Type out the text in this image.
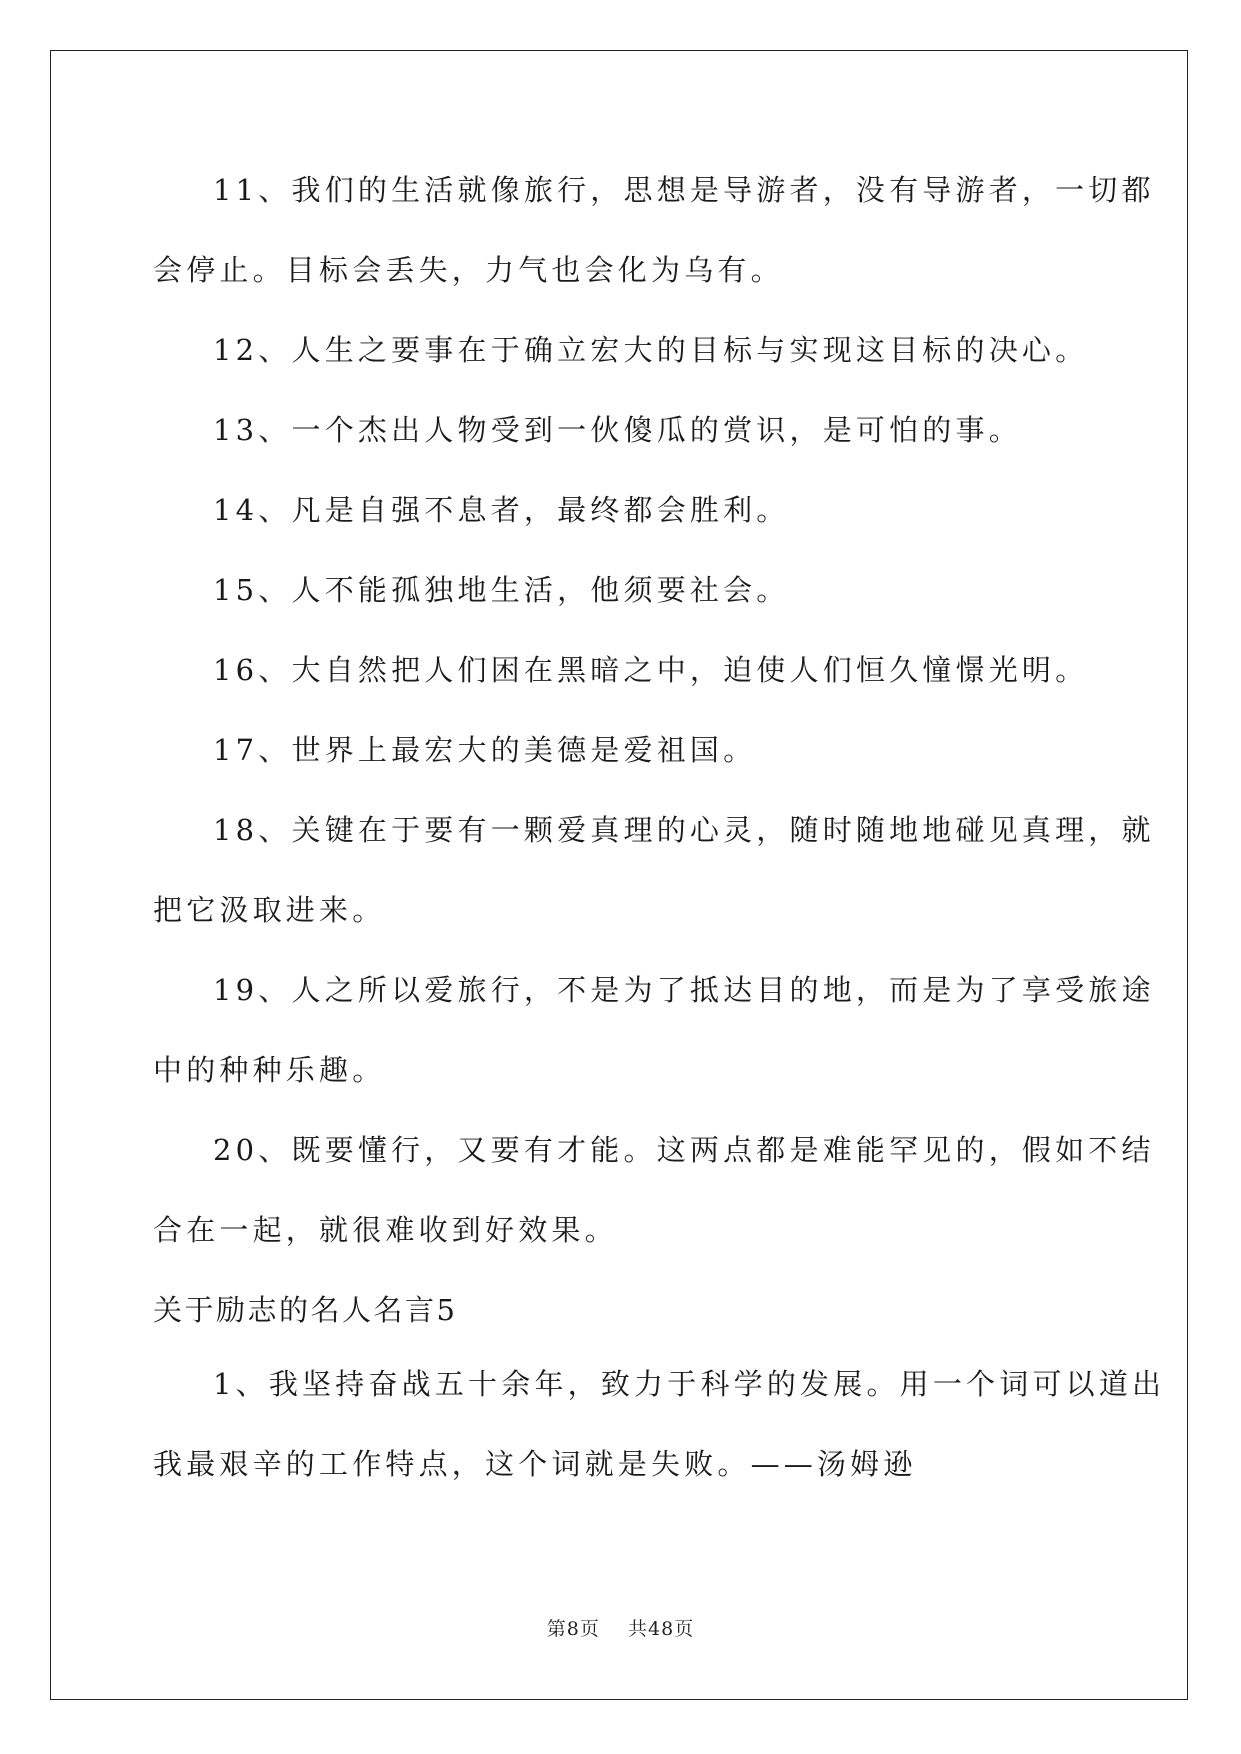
11、我们的生活就像旅行，思想是导游者，没有导游者，一切都
会停止。目标会丢失，力气也会化为乌有。
12、人生之要事在于确立宏大的目标与实现这目标的决心。
13、一个杰出人物受到一伙傻瓜的赏识，是可怕的事。
14、凡是自强不息者，最终都会胜利。
15、人不能孤独地生活，他须要社会。
16、大自然把人们困在黑暗之中，迫使人们恒久憧憬光明。
17、世界上最宏大的美德是爱祖国。
18、关键在于要有一颗爱真理的心灵，随时随地地碰见真理，就
把它汲取进来。
19、人之所以爱旅行，不是为了抵达目的地，而是为了享受旅途
中的种种乐趣。
20、既要懂行，又要有才能。这两点都是难能罕见的，假如不结
合在一起，就很难收到好效果。
关于励志的名人名言5
1、我坚持奋战五十余年，致力于科学的发展。用一个词可以道出
我最艰辛的工作特点，这个词就是失败。——汤姆逊
第8页 共48页
